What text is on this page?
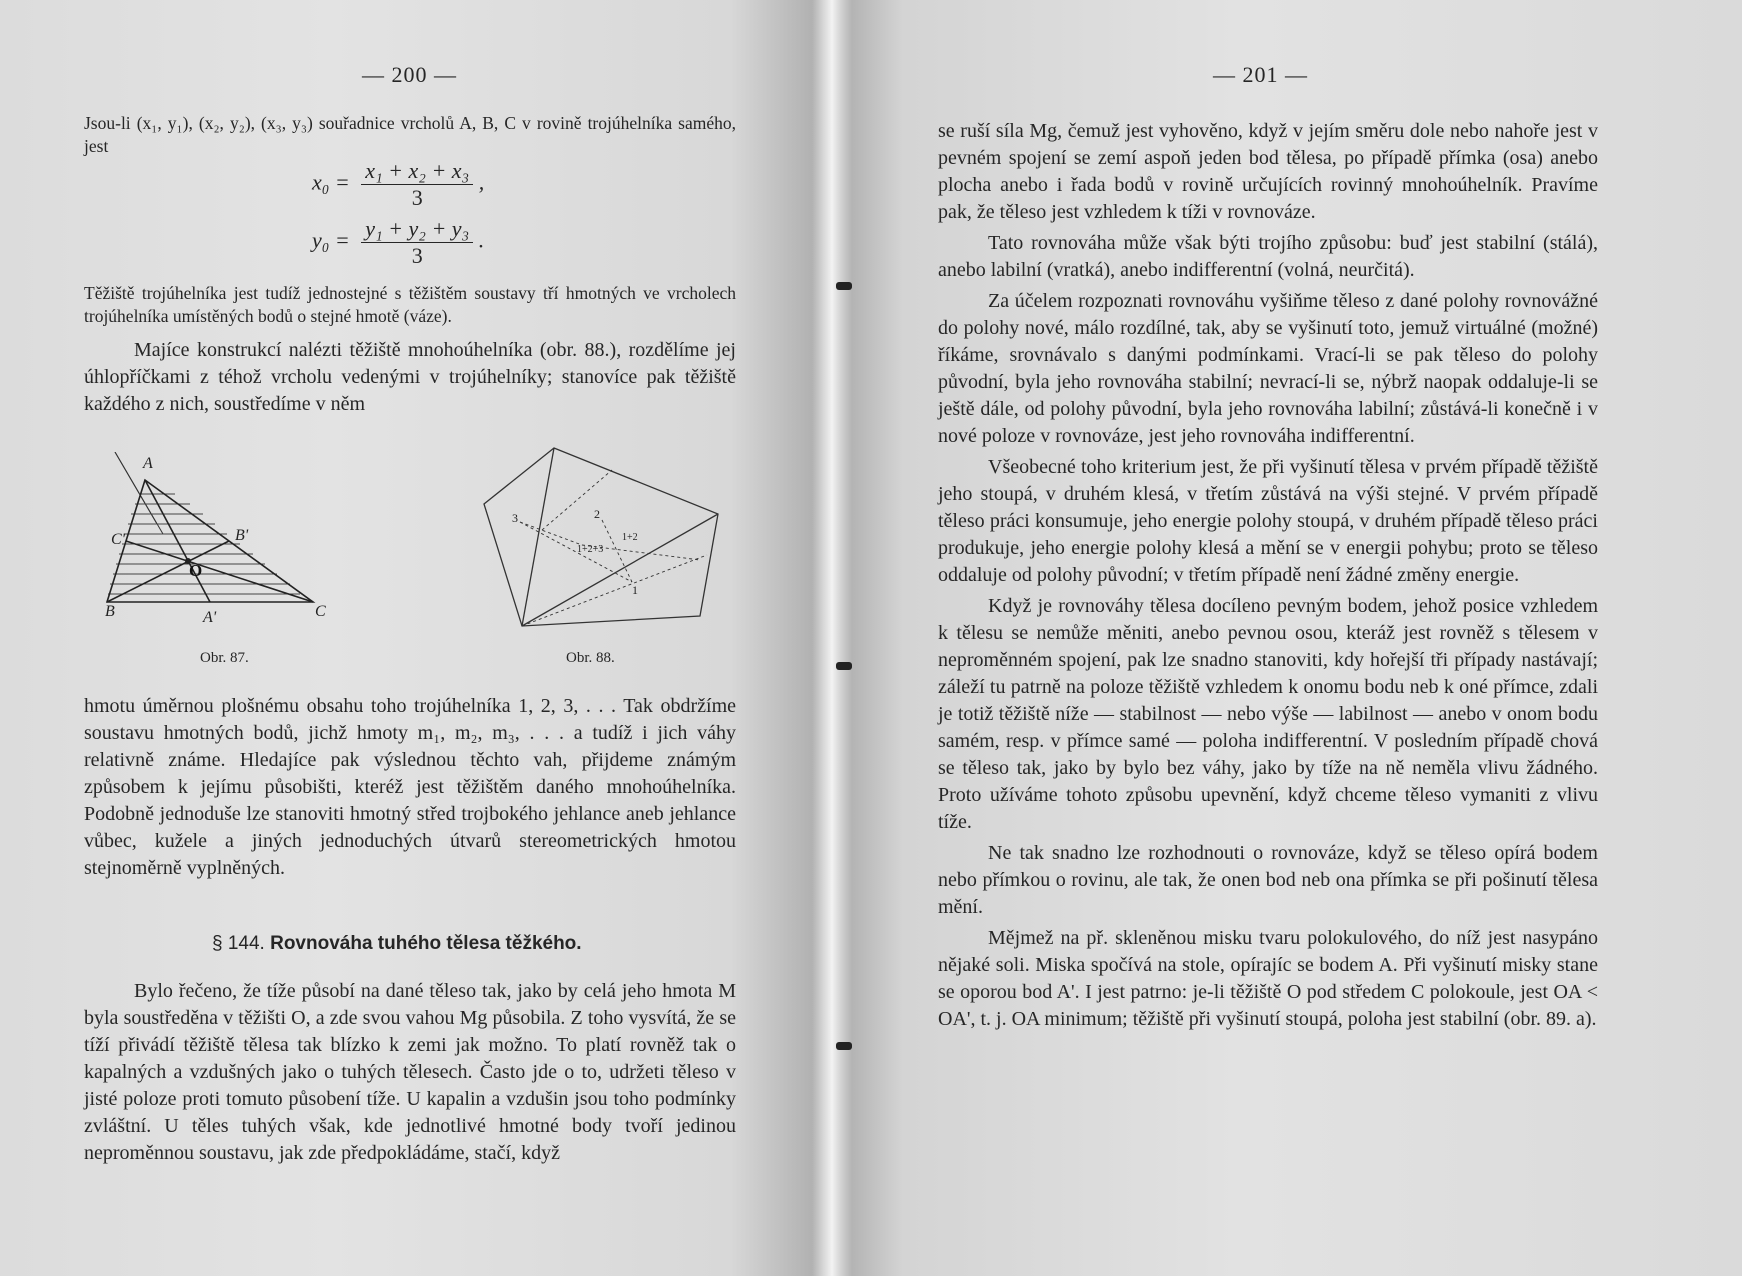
— 200 —
Jsou-li (x₁, y₁), (x₂, y₂), (x₃, y₃) souřadnice vrcholů A, B, C v rovině trojúhelníka samého, jest
$x_0 = \frac{\text{x₁ + x₂ + x₃}}{3}$ ,
$y_0 = \frac{\text{y₁ + y₂ + y₃}}{3}$ .
Těžiště trojúhelníka jest tudíž jednostejné s těžištěm soustavy tří hmotných ve vrcholech trojúhelníka umístěných bodů o stejné hmotě (váze).
Majíce konstrukcí nalézti těžiště mnohoúhelníka (obr. 88.), rozdělíme jej úhlopříčkami z téhož vrcholu vedenými v trojúhelníky; stanovíce pak těžiště každého z nich, soustředíme v něm
A
B	C
A'
B'
C'
O
Obr. 87.
3	2
1
1+2
1+2+3
Obr. 88.
hmotu úměrnou plošnému obsahu toho trojúhelníka 1, 2, 3, . . . Tak obdržíme soustavu hmotných bodů, jichž hmoty m₁, m₂, m₃, . . . a tudíž i jich váhy relativně známe. Hledajíce pak výslednou těchto vah, přijdeme známým způsobem k jejímu působišti, kteréž jest těžištěm daného mnohoúhelníka. Podobně jednoduše lze stanoviti hmotný střed trojbokého jehlance aneb jehlance vůbec, kužele a jiných jednoduchých útvarů stereometrických hmotou stejnoměrně vyplněných.
§ 144. Rovnováha tuhého tělesa těžkého.
Bylo řečeno, že tíže působí na dané těleso tak, jako by celá jeho hmota M byla soustředěna v těžišti O, a zde svou vahou Mg působila. Z toho vysvítá, že se tíží přivádí těžiště tělesa tak blízko k zemi jak možno. To platí rovněž tak o kapalných a vzdušných jako o tuhých tělesech. Často jde o to, udržeti těleso v jisté poloze proti tomuto působení tíže. U kapalin a vzdušin jsou toho podmínky zvláštní. U těles tuhých však, kde jednotlivé hmotné body tvoří jedinou neproměnnou soustavu, jak zde předpokládáme, stačí, když
— 201 —
se ruší síla Mg, čemuž jest vyhověno, když v jejím směru dole nebo nahoře jest v pevném spojení se zemí aspoň jeden bod tělesa, po případě přímka (osa) anebo plocha anebo i řada bodů v rovině určujících rovinný mnohoúhelník. Pravíme pak, že těleso jest vzhledem k tíži v rovnováze.
Tato rovnováha může však býti trojího způsobu: buď jest stabilní (stálá), anebo labilní (vratká), anebo indifferentní (volná, neurčitá).
Za účelem rozpoznati rovnováhu vyšiňme těleso z dané polohy rovnovážné do polohy nové, málo rozdílné, tak, aby se vyšinutí toto, jemuž virtuálné (možné) říkáme, srovnávalo s danými podmínkami. Vrací-li se pak těleso do polohy původní, byla jeho rovnováha stabilní; nevrací-li se, nýbrž naopak oddaluje-li se ještě dále, od polohy původní, byla jeho rovnováha labilní; zůstává-li konečně i v nové poloze v rovnováze, jest jeho rovnováha indifferentní.
Všeobecné toho kriterium jest, že při vyšinutí tělesa v prvém případě těžiště jeho stoupá, v druhém klesá, v třetím zůstává na výši stejné. V prvém případě těleso práci konsumuje, jeho energie polohy stoupá, v druhém případě těleso práci produkuje, jeho energie polohy klesá a mění se v energii pohybu; proto se těleso oddaluje od polohy původní; v třetím případě není žádné změny energie.
Když je rovnováhy tělesa docíleno pevným bodem, jehož posice vzhledem k tělesu se nemůže měniti, anebo pevnou osou, kteráž jest rovněž s tělesem v neproměnném spojení, pak lze snadno stanoviti, kdy hořejší tři případy nastávají; záleží tu patrně na poloze těžiště vzhledem k onomu bodu neb k oné přímce, zdali je totiž těžiště níže — stabilnost — nebo výše — labilnost — anebo v onom bodu samém, resp. v přímce samé — poloha indifferentní. V posledním případě chová se těleso tak, jako by bylo bez váhy, jako by tíže na ně neměla vlivu žádného. Proto užíváme tohoto způsobu upevnění, když chceme těleso vymaniti z vlivu tíže.
Ne tak snadno lze rozhodnouti o rovnováze, když se těleso opírá bodem nebo přímkou o rovinu, ale tak, že onen bod neb ona přímka se při pošinutí tělesa mění.
Mějmež na př. skleněnou misku tvaru polokulového, do níž jest nasypáno nějaké soli. Miska spočívá na stole, opírajíc se bodem A. Při vyšinutí misky stane se oporou bod A'. I jest patrno: je-li těžiště O pod středem C polokoule, jest OA < OA', t. j. OA minimum; těžiště při vyšinutí stoupá, poloha jest stabilní (obr. 89. a).
